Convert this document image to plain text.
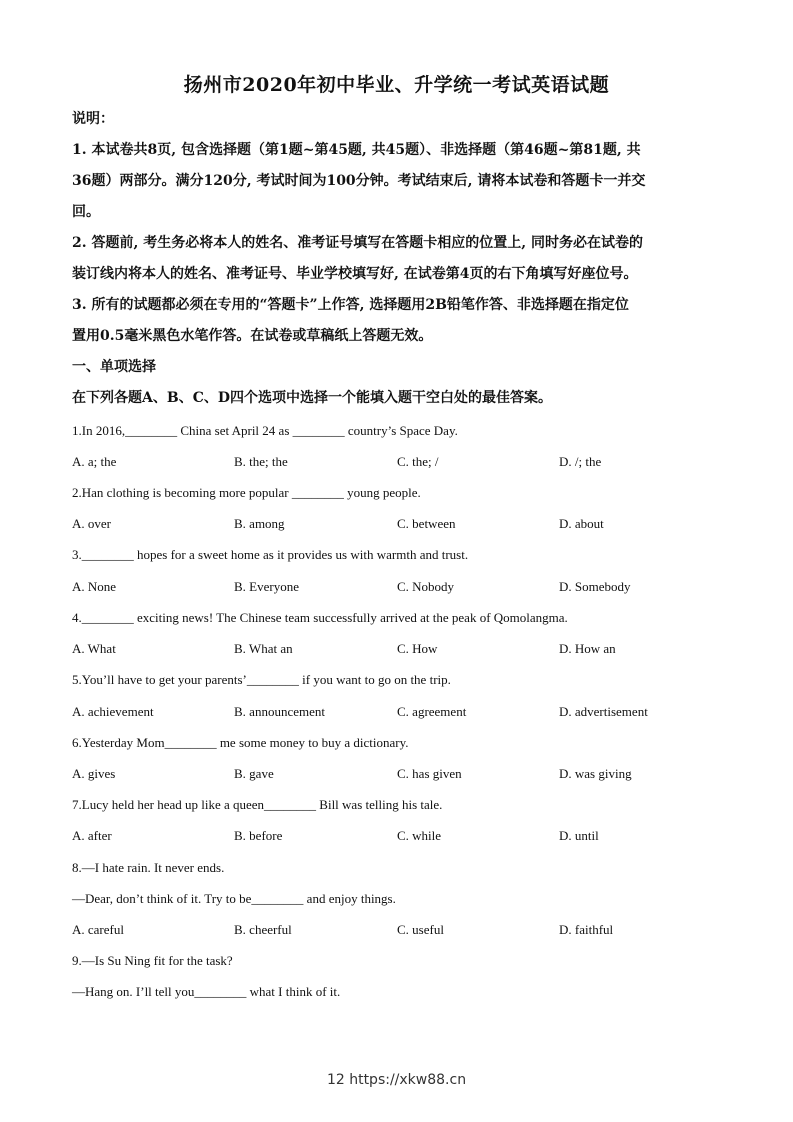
扬州市2020年初中毕业、升学统一考试英语试题
说明：
1. 本试卷共8页, 包含选择题（第1题~第45题, 共45题）、非选择题（第46题~第81题, 共
36题）两部分。满分120分, 考试时间为100分钟。考试结束后, 请将本试卷和答题卡一并交
回。
2. 答题前, 考生务必将本人的姓名、准考证号填写在答题卡相应的位置上, 同时务必在试卷的
装订线内将本人的姓名、准考证号、毕业学校填写好, 在试卷第4页的右下角填写好座位号。
3. 所有的试题都必须在专用的“答题卡”上作答, 选择题用2B铅笔作答、非选择题在指定位
置用0.5毫米黑色水笔作答。在试卷或草稿纸上答题无效。
一、单项选择
在下列各题A、B、C、D四个选项中选择一个能填入题干空白处的最佳答案。
1.In 2016,________ China set April 24 as ________ country’s Space Day.
A. a; the	B. the; the	C. the; /	D. /; the
2.Han clothing is becoming more popular ________ young people.
A. over	B. among	C. between	D. about
3.________ hopes for a sweet home as it provides us with warmth and trust.
A. None	B. Everyone	C. Nobody	D. Somebody
4.________ exciting news! The Chinese team successfully arrived at the peak of Qomolangma.
A. What	B. What an	C. How	D. How an
5.You’ll have to get your parents’________ if you want to go on the trip.
A. achievement	B. announcement	C. agreement	D. advertisement
6.Yesterday Mom________ me some money to buy a dictionary.
A. gives	B. gave	C. has given	D. was giving
7.Lucy held her head up like a queen________ Bill was telling his tale.
A. after	B. before	C. while	D. until
8.—I hate rain. It never ends.
—Dear, don’t think of it. Try to be________ and enjoy things.
A. careful	B. cheerful	C. useful	D. faithful
9.—Is Su Ning fit for the task?
—Hang on. I’ll tell you________ what I think of it.
12 https://xkw88.cn
